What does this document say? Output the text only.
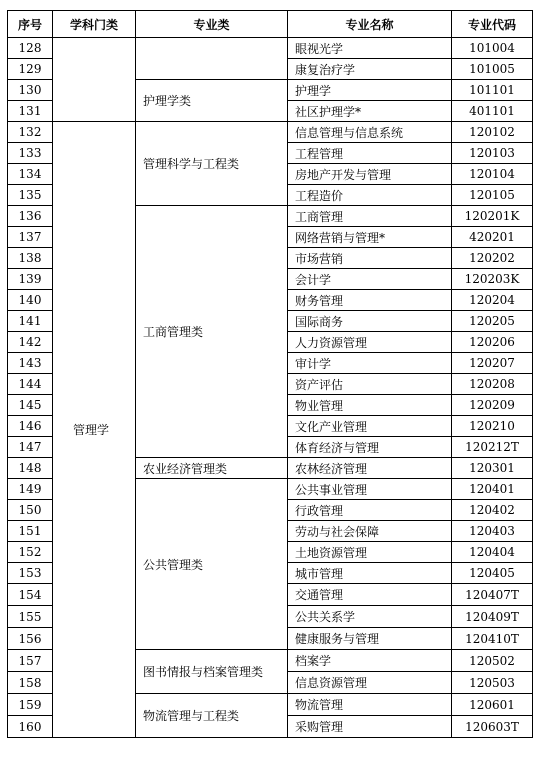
序号	学科门类	专业类	专业名称	专业代码
128			眼视光学	101004
129			康复治疗学	101005
130		护理学类	护理学	101101
131			社区护理学*	401101
132	管理学	管理科学与工程类	信息管理与信息系统	120102
133			工程管理	120103
134			房地产开发与管理	120104
135			工程造价	120105
136		工商管理类	工商管理	120201K
137			网络营销与管理*	420201
138			市场营销	120202
139			会计学	120203K
140			财务管理	120204
141			国际商务	120205
142			人力资源管理	120206
143			审计学	120207
144			资产评估	120208
145			物业管理	120209
146			文化产业管理	120210
147			体育经济与管理	120212T
148		农业经济管理类	农林经济管理	120301
149		公共管理类	公共事业管理	120401
150			行政管理	120402
151			劳动与社会保障	120403
152			土地资源管理	120404
153			城市管理	120405
154			交通管理	120407T
155			公共关系学	120409T
156			健康服务与管理	120410T
157		图书情报与档案管理类	档案学	120502
158			信息资源管理	120503
159		物流管理与工程类	物流管理	120601
160			采购管理	120603T
